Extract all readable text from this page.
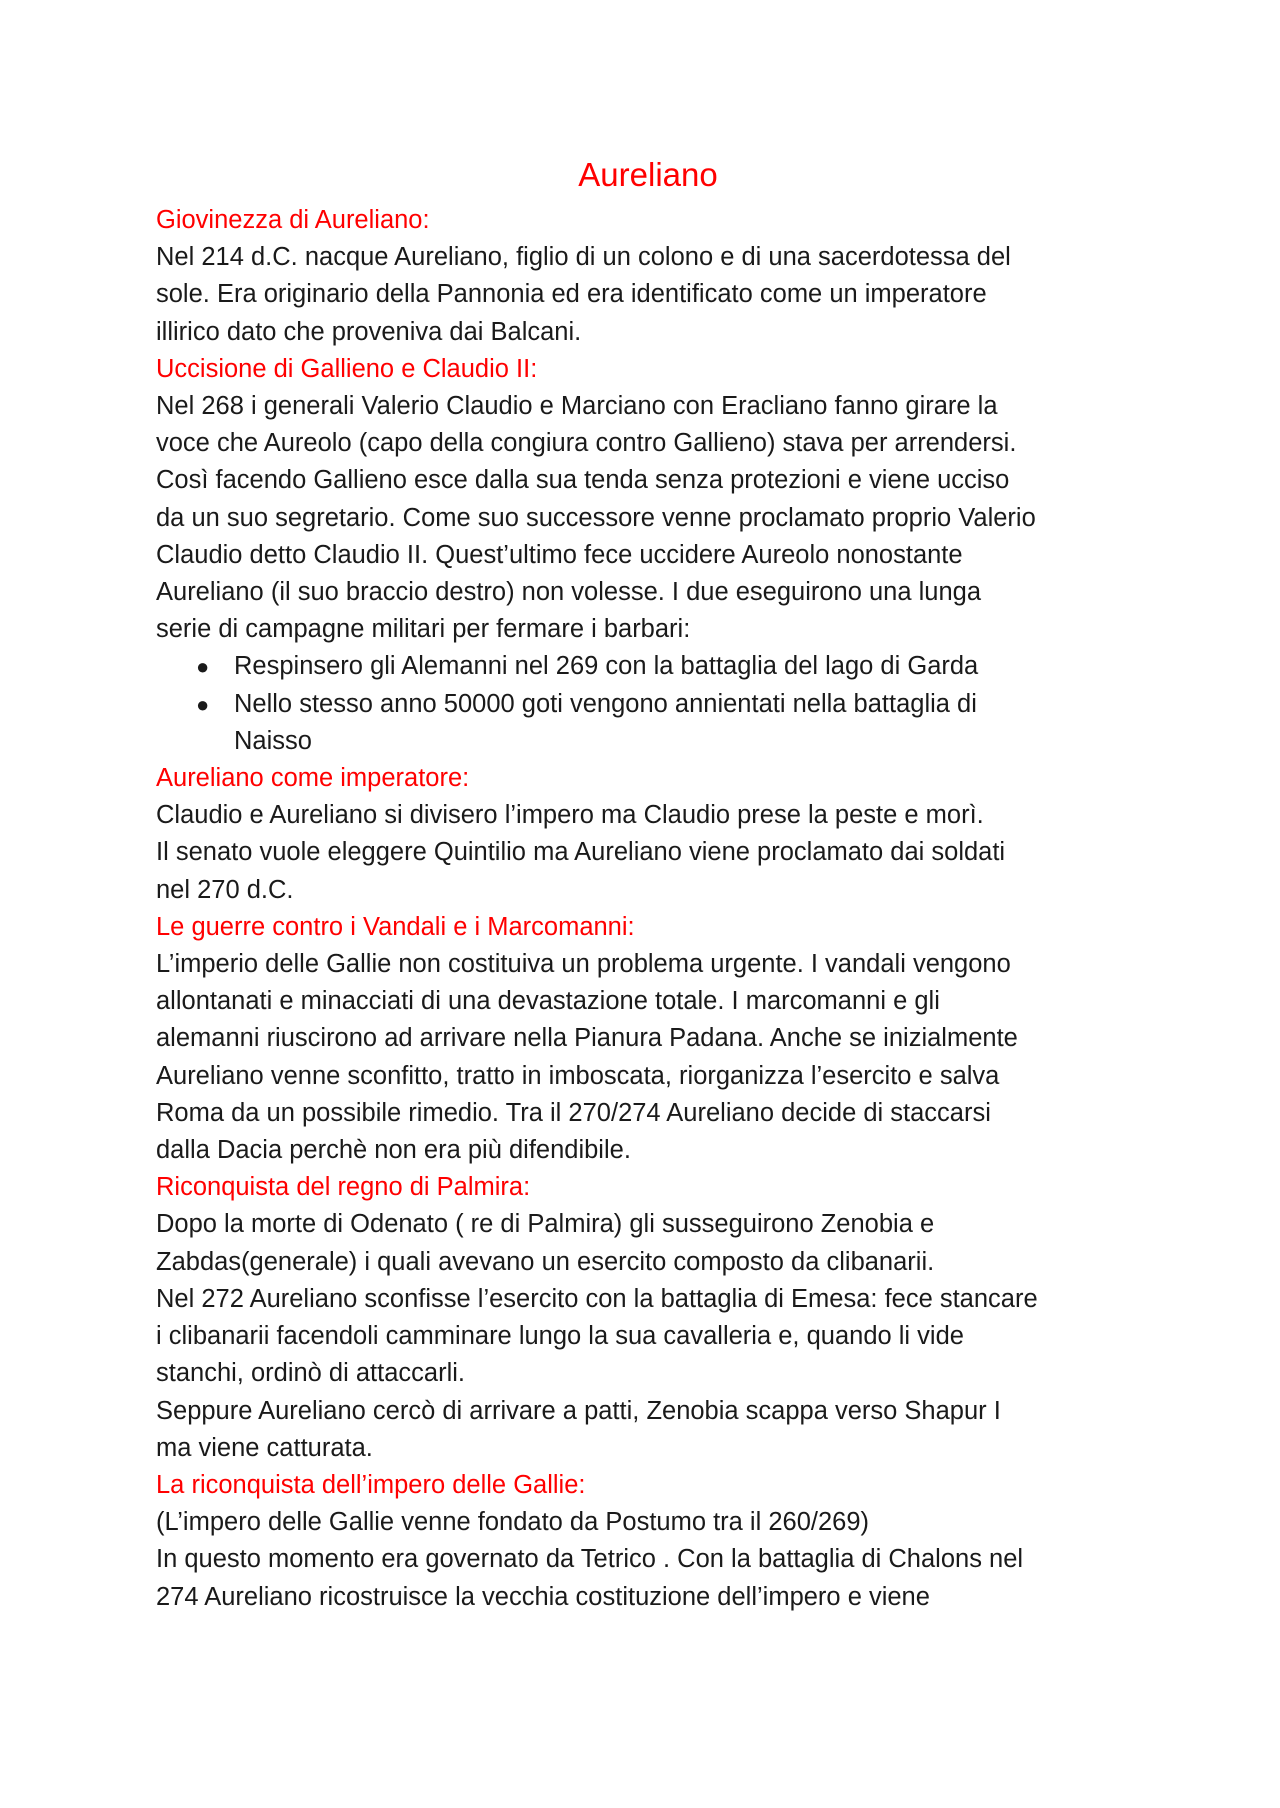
Aureliano
Giovinezza di Aureliano:

Nel 214 d.C. nacque Aureliano, figlio di un colono e di una sacerdotessa del
sole. Era originario della Pannonia ed era identificato come un imperatore
illirico dato che proveniva dai Balcani.

Uccisione di Gallieno e Claudio II:

Nel 268 i generali Valerio Claudio e Marciano con Eracliano fanno girare la
voce che Aureolo (capo della congiura contro Gallieno) stava per arrendersi.
Così facendo Gallieno esce dalla sua tenda senza protezioni e viene ucciso
da un suo segretario. Come suo successore venne proclamato proprio Valerio
Claudio detto Claudio II. Quest’ultimo fece uccidere Aureolo nonostante
Aureliano (il suo braccio destro) non volesse. I due eseguirono una lunga
serie di campagne militari per fermare i barbari:

● Respinsero gli Alemanni nel 269 con la battaglia del lago di Garda
● Nello stesso anno 50000 goti vengono annientati nella battaglia di
Naisso
Aureliano come imperatore:

Claudio e Aureliano si divisero l’impero ma Claudio prese la peste e morì.

Il senato vuole eleggere Quintilio ma Aureliano viene proclamato dai soldati
nel 270 d.C.

Le guerre contro i Vandali e i Marcomanni:

L’imperio delle Gallie non costituiva un problema urgente. I vandali vengono
allontanati e minacciati di una devastazione totale. I marcomanni e gli
alemanni riuscirono ad arrivare nella Pianura Padana. Anche se inizialmente
Aureliano venne sconfitto, tratto in imboscata, riorganizza l’esercito e salva
Roma da un possibile rimedio. Tra il 270/274 Aureliano decide di staccarsi
dalla Dacia perchè non era più difendibile.

Riconquista del regno di Palmira:

Dopo la morte di Odenato ( re di Palmira) gli susseguirono Zenobia e
Zabdas(generale) i quali avevano un esercito composto da clibanarii.

Nel 272 Aureliano sconfisse l’esercito con la battaglia di Emesa: fece stancare
i clibanarii facendoli camminare lungo la sua cavalleria e, quando li vide
stanchi, ordinò di attaccarli.

Seppure Aureliano cercò di arrivare a patti, Zenobia scappa verso Shapur I
ma viene catturata.

La riconquista dell’impero delle Gallie:

(L’impero delle Gallie venne fondato da Postumo tra il 260/269)

In questo momento era governato da Tetrico . Con la battaglia di Chalons nel
274 Aureliano ricostruisce la vecchia costituzione dell’impero e viene
